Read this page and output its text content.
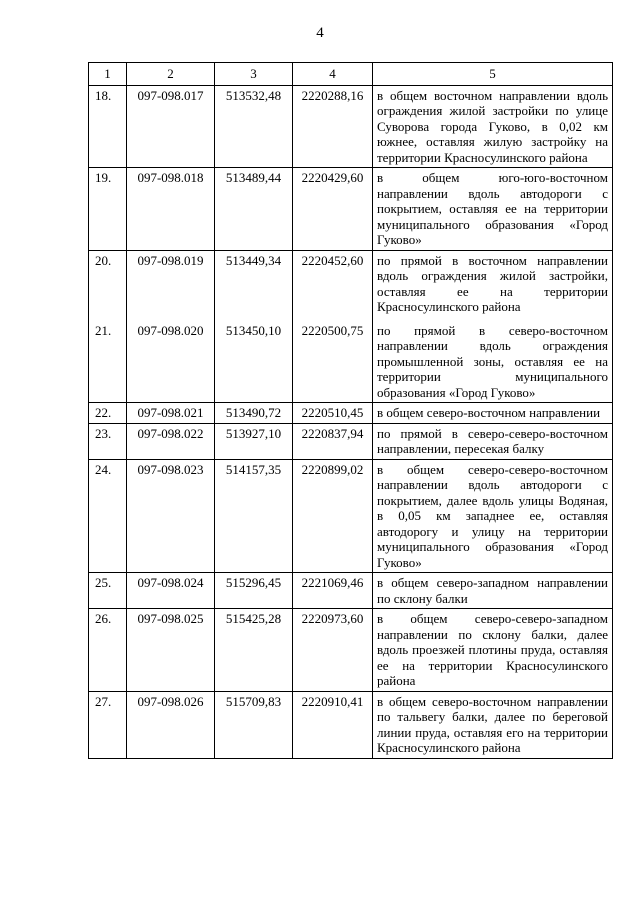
4
1	2	3	4	5
18.	097-098.017	513532,48	2220288,16	в общем восточном направлении вдоль ограждения жилой застройки по улице Суворова города Гуково, в 0,02 км южнее, оставляя жилую застройку на территории Красносулинского района
19.	097-098.018	513489,44	2220429,60	в общем юго-юго-восточном направлении вдоль автодороги с покрытием, оставляя ее на территории муниципального образования «Город Гуково»
20.	097-098.019	513449,34	2220452,60	по прямой в восточном направлении вдоль ограждения жилой застройки, оставляя ее на территории Красносулинского района
21.	097-098.020	513450,10	2220500,75	по прямой в северо-восточном направлении вдоль ограждения промышленной зоны, оставляя ее на территории муниципального образования «Город Гуково»
22.	097-098.021	513490,72	2220510,45	в общем северо-восточном направлении
23.	097-098.022	513927,10	2220837,94	по прямой в северо-северо-восточном направлении, пересекая балку
24.	097-098.023	514157,35	2220899,02	в общем северо-северо-восточном направлении вдоль автодороги с покрытием, далее вдоль улицы Водяная, в 0,05 км западнее ее, оставляя автодорогу и улицу на территории муниципального образования «Город Гуково»
25.	097-098.024	515296,45	2221069,46	в общем северо-западном направлении по склону балки
26.	097-098.025	515425,28	2220973,60	в общем северо-северо-западном направлении по склону балки, далее вдоль проезжей плотины пруда, оставляя ее на территории Красносулинского района
27.	097-098.026	515709,83	2220910,41	в общем северо-восточном направлении по тальвегу балки, далее по береговой линии пруда, оставляя его на территории Красносулинского района
